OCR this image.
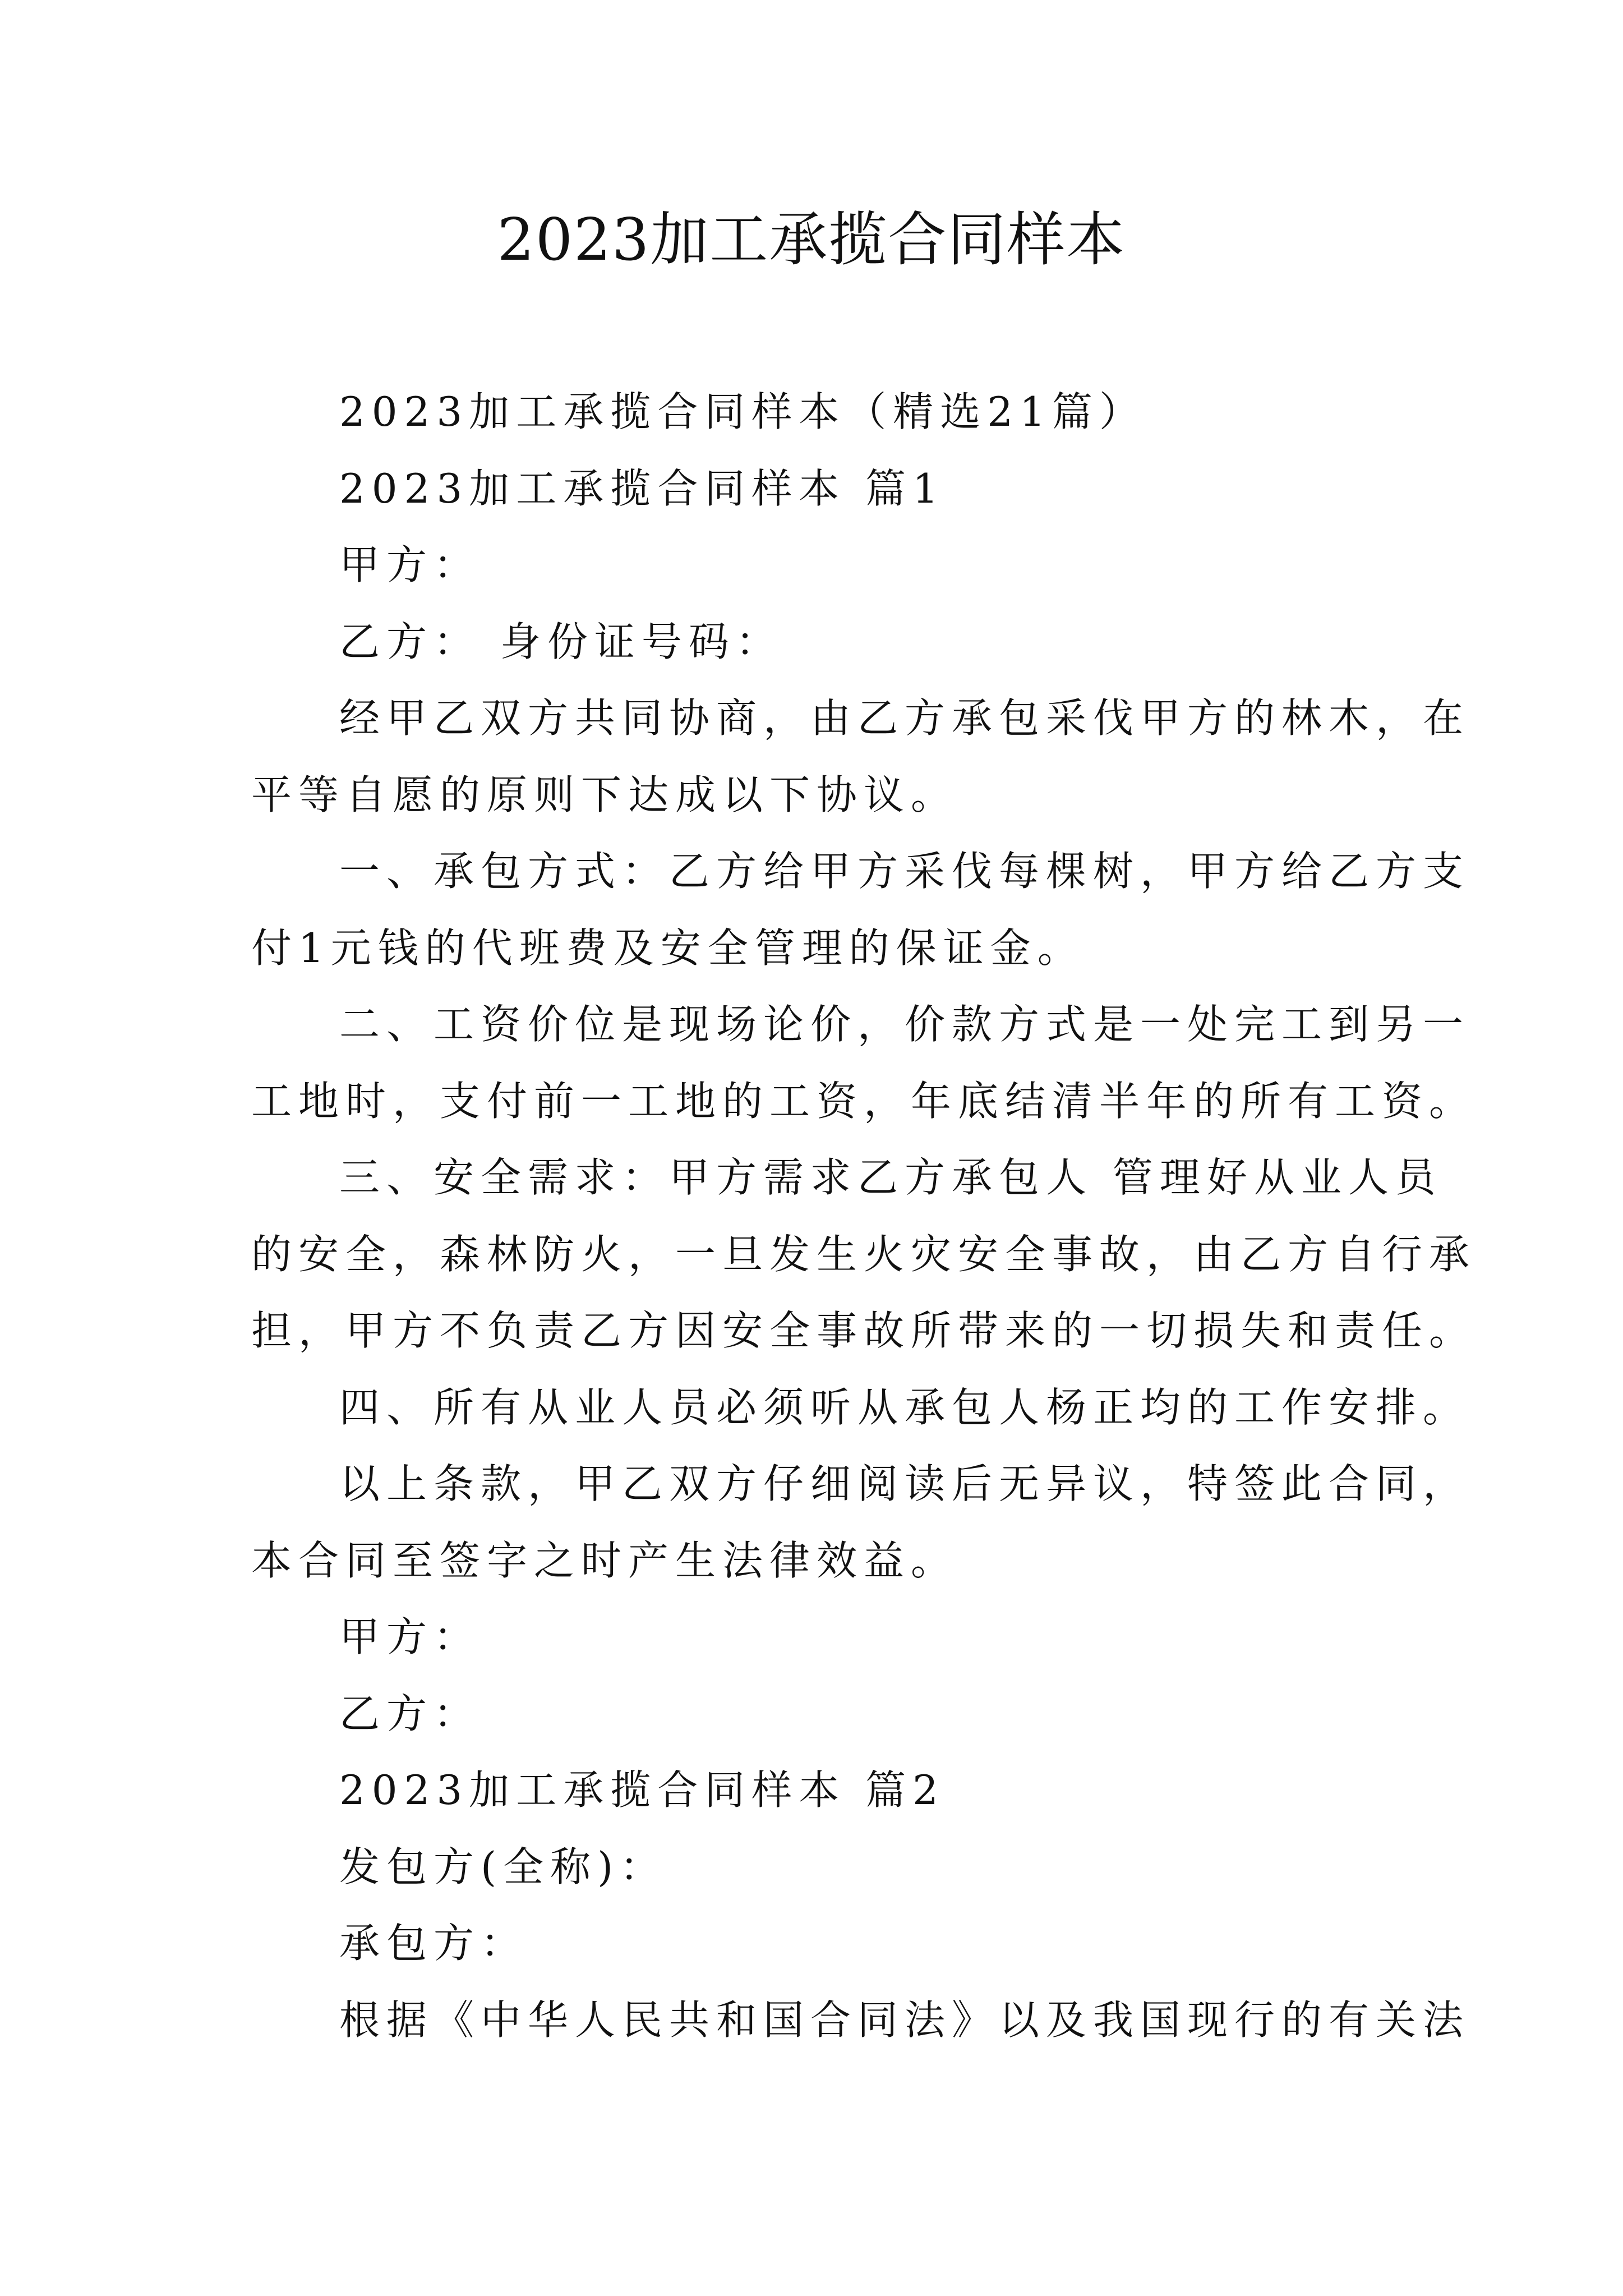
2023加工承揽合同样本
2023加工承揽合同样本（精选21篇）
2023加工承揽合同样本 篇1
甲方：
乙方： 身份证号码：
经甲乙双方共同协商，由乙方承包采伐甲方的林木，在
平等自愿的原则下达成以下协议。
一、承包方式：乙方给甲方采伐每棵树，甲方给乙方支
付1元钱的代班费及安全管理的保证金。
二、工资价位是现场论价，价款方式是一处完工到另一
工地时，支付前一工地的工资，年底结清半年的所有工资。
三、安全需求：甲方需求乙方承包人 管理好从业人员
的安全，森林防火，一旦发生火灾安全事故，由乙方自行承
担，甲方不负责乙方因安全事故所带来的一切损失和责任。
四、所有从业人员必须听从承包人杨正均的工作安排。
以上条款，甲乙双方仔细阅读后无异议，特签此合同，
本合同至签字之时产生法律效益。
甲方：
乙方：
2023加工承揽合同样本 篇2
发包方(全称)：
承包方：
根据《中华人民共和国合同法》以及我国现行的有关法
